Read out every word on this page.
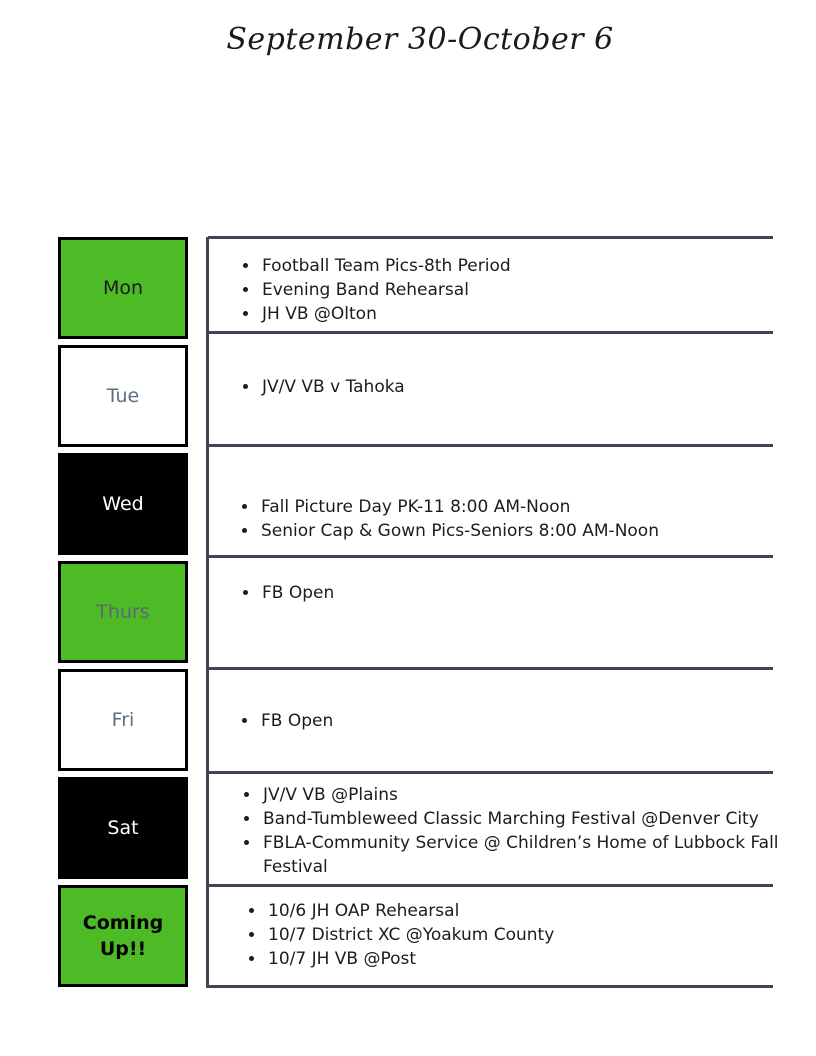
September 30-October 6
Mon
Tue
Wed
Thurs
Fri
Sat
Coming Up!!
• Football Team Pics-8th Period
• Evening Band Rehearsal
• JH VB @Olton
• JV/V VB v Tahoka
• Fall Picture Day PK-11 8:00 AM-Noon
• Senior Cap & Gown Pics-Seniors 8:00 AM-Noon
• FB Open
• FB Open
• JV/V VB @Plains
• Band-Tumbleweed Classic Marching Festival @Denver City
• FBLA-Community Service @ Children’s Home of Lubbock Fall Festival
• 10/6 JH OAP Rehearsal
• 10/7 District XC @Yoakum County
• 10/7 JH VB @Post
